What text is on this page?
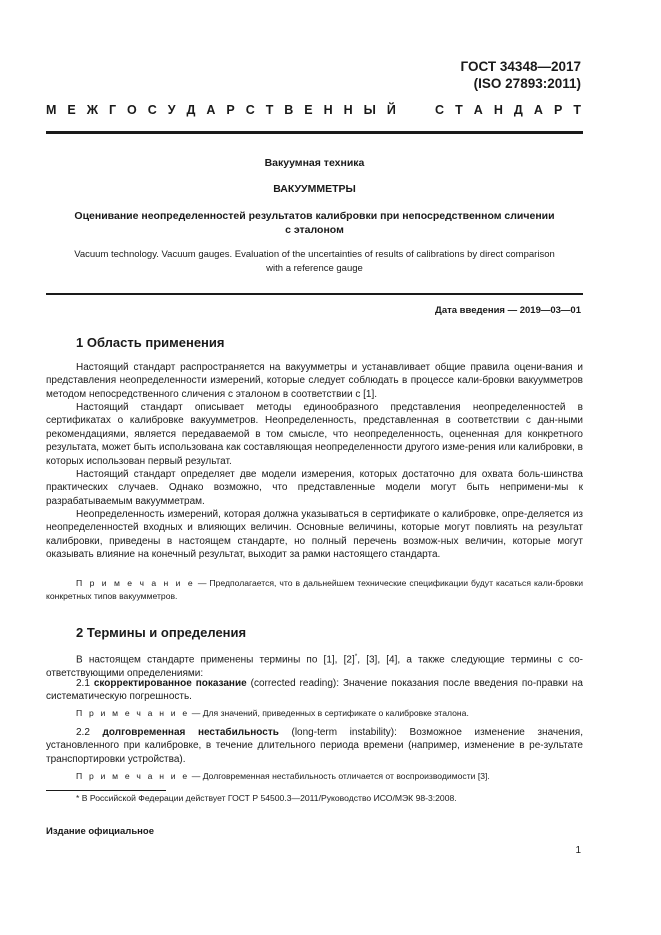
ГОСТ 34348—2017
(ISO 27893:2011)
М Е Ж Г О С У Д А Р С Т В Е Н Н Ы Й	С Т А Н Д А Р Т
Вакуумная техника
ВАКУУММЕТРЫ
Оценивание неопределенностей результатов калибровки при непосредственном сличении
с эталоном
Vacuum technology. Vacuum gauges. Evaluation of the uncertainties of results of calibrations by direct comparison
with a reference gauge
Дата введения — 2019—03—01
1 Область применения

Настоящий стандарт распространяется на вакуумметры и устанавливает общие правила оцени-вания и представления неопределенности измерений, которые следует соблюдать в процессе кали-бровки вакуумметров методом непосредственного сличения с эталоном в соответствии с [1].

Настоящий стандарт описывает методы единообразного представления неопределенностей в сертификатах о калибровке вакуумметров. Неопределенность, представленная в соответствии с дан-ными рекомендациями, является передаваемой в том смысле, что неопределенность, оцененная для конкретного результата, может быть использована как составляющая неопределенности другого изме-рения или калибровки, в которых использован первый результат.

Настоящий стандарт определяет две модели измерения, которых достаточно для охвата боль-шинства практических случаев. Однако возможно, что представленные модели могут быть непримени-мы к разрабатываемым вакуумметрам.

Неопределенность измерений, которая должна указываться в сертификате о калибровке, опре-деляется из неопределенностей входных и влияющих величин. Основные величины, которые могут повлиять на результат калибровки, приведены в настоящем стандарте, но полный перечень возмож-ных величин, которые могут оказывать влияние на конечный результат, выходит за рамки настоящего стандарта.

П р и м е ч а н и е — Предполагается, что в дальнейшем технические спецификации будут касаться кали-бровки конкретных типов вакуумметров.
2 Термины и определения

В настоящем стандарте применены термины по [1], [2]*, [3], [4], а также следующие термины с со-ответствующими определениями:

2.1 скорректированное показание (corrected reading): Значение показания после введения по-правки на систематическую погрешность.

П р и м е ч а н и е — Для значений, приведенных в сертификате о калибровке эталона.

2.2 долговременная нестабильность (long-term instability): Возможное изменение значения, установленного при калибровке, в течение длительного периода времени (например, изменение в ре-зультате транспортировки устройства).

П р и м е ч а н и е — Долговременная нестабильность отличается от воспроизводимости [3].
* В Российской Федерации действует ГОСТ Р 54500.3—2011/Руководство ИСО/МЭК 98-3:2008.
Издание официальное
1
